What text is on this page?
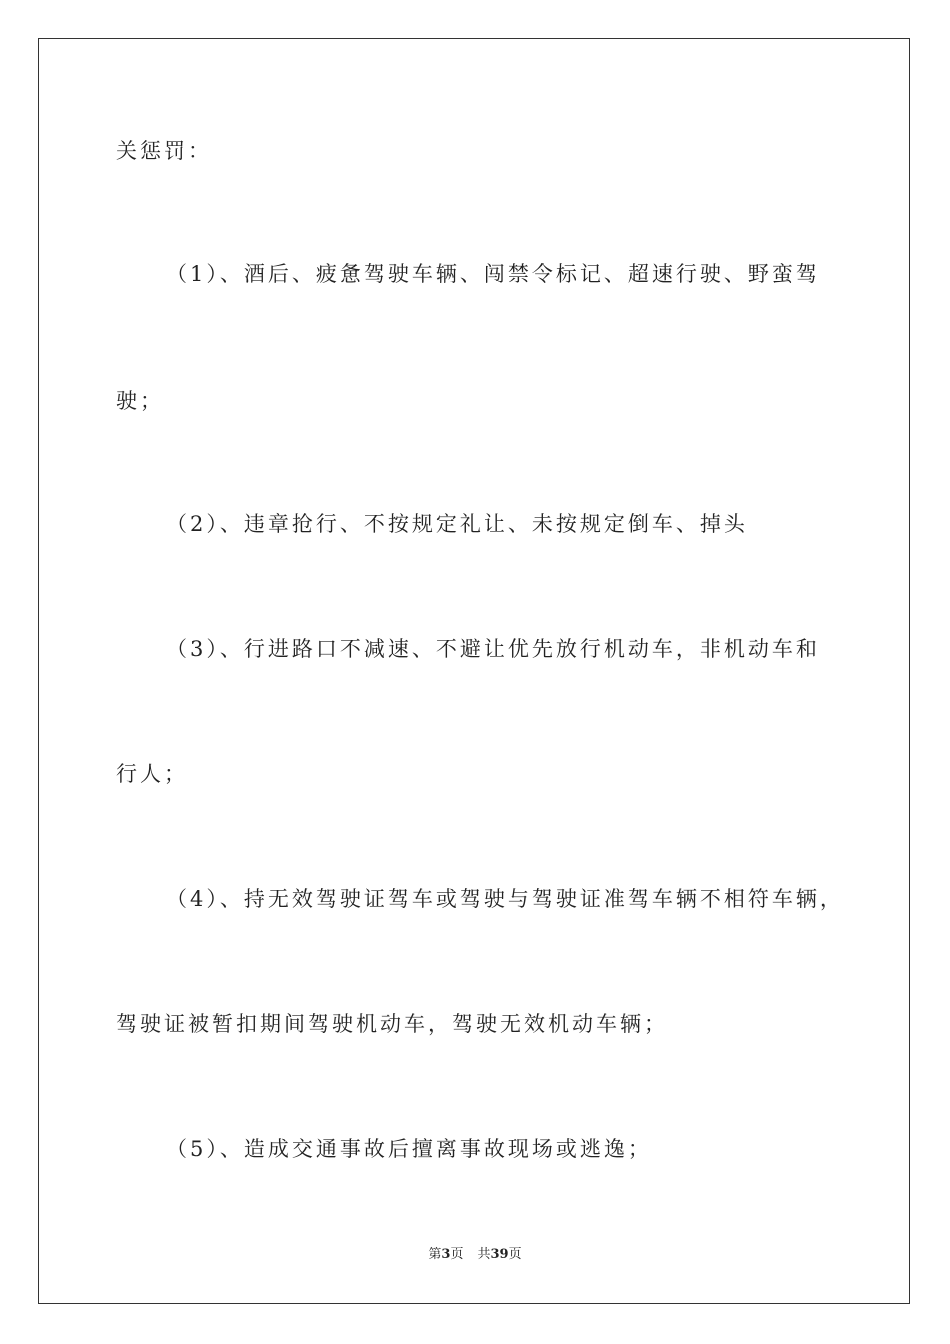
关惩罚：
（1）、酒后、疲惫驾驶车辆、闯禁令标记、超速行驶、野蛮驾
驶；
（2）、违章抢行、不按规定礼让、未按规定倒车、掉头
（3）、行进路口不减速、不避让优先放行机动车，非机动车和
行人；
（4）、持无效驾驶证驾车或驾驶与驾驶证准驾车辆不相符车辆，
驾驶证被暂扣期间驾驶机动车，驾驶无效机动车辆；
（5）、造成交通事故后擅离事故现场或逃逸；
第3页 共39页
